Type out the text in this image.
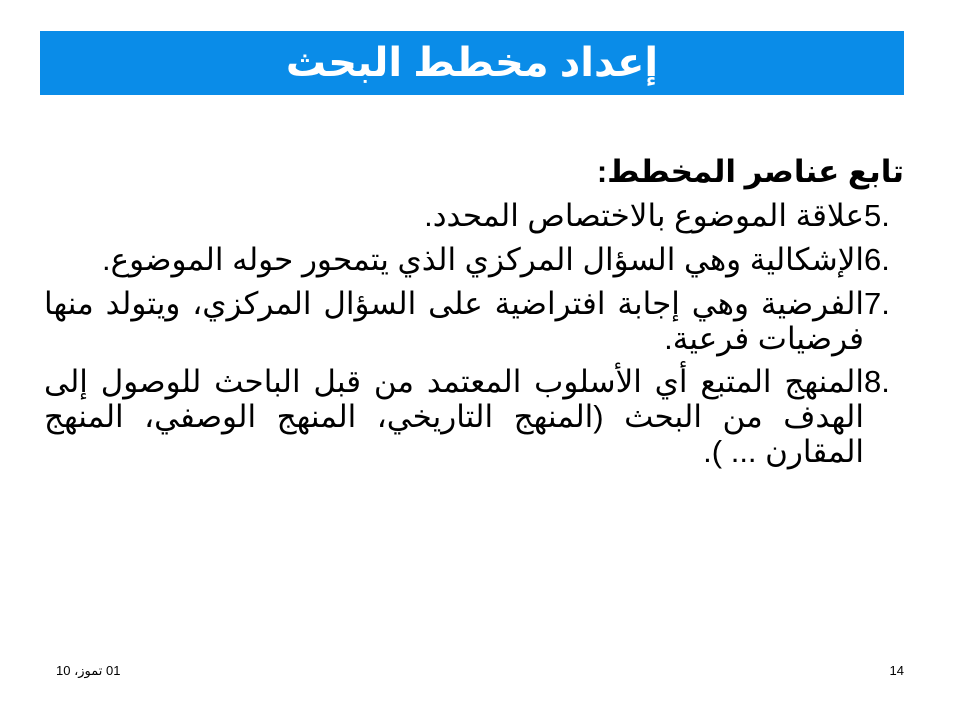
إعداد مخطط البحث
تابع عناصر المخطط:
5.
علاقة الموضوع بالاختصاص المحدد.
6.
الإشكالية وهي السؤال المركزي الذي يتمحور حوله الموضوع.
7.
الفرضية وهي إجابة افتراضية على السؤال المركزي، ويتولد منها فرضيات فرعية.
8.
المنهج المتبع أي الأسلوب المعتمد من قبل الباحث للوصول إلى الهدف من البحث (المنهج التاريخي، المنهج الوصفي، المنهج المقارن ... ).
01 تموز، 10	14
